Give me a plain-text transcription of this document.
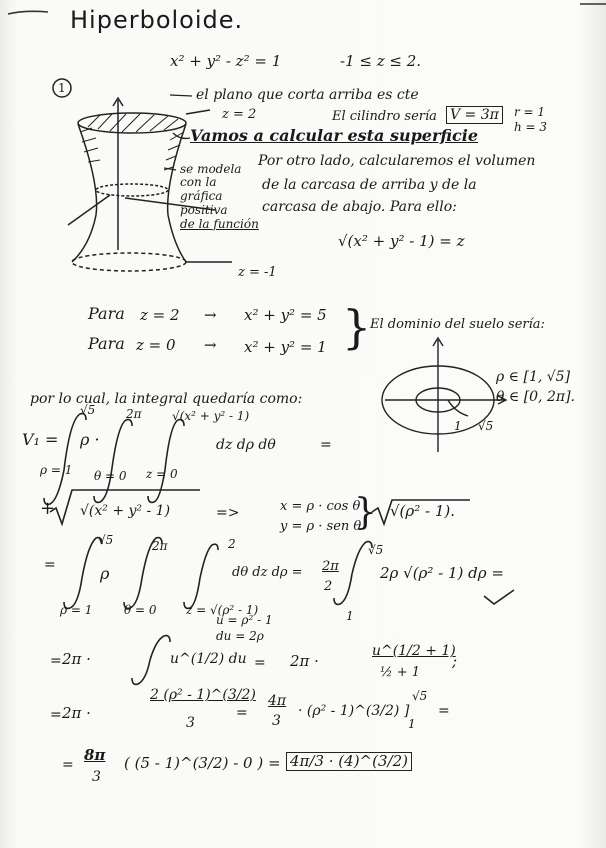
Hiperboloide.
x² + y² - z² = 1	-1 ≤ z ≤ 2.
1	el plano que corta arriba es cte
z = 2
Vamos a calcular esta superficie
se modela
con la
gráfica
positiva
de la función
z = -1
El cilindro sería V = 3π	r = 1
h = 3
Por otro lado, calcularemos el volumen
de la carcasa de arriba y de la
carcasa de abajo. Para ello:
√(x² + y² - 1) = z
Para z = 2 → x² + y² = 5
Para z = 0 → x² + y² = 1 }
El dominio del suelo sería:
ρ ∈ [1, √5]
θ ∈ [0, 2π].
1 √5
por lo cual, la integral quedaría como:
V₁ =
√5
ρ = 1
ρ ·
2π
θ = 0
√(x² + y² - 1)
z = 0
dz dρ dθ	=
+ √(x² + y² - 1)	=>	x = ρ · cos θ
y = ρ · sen θ
} √(ρ² - 1).
=
√5
ρ = 1
ρ
2π
θ = 0
2
z = √(ρ² - 1)
dθ dz dρ = 2π
2
√5
1
2ρ √(ρ² - 1) dρ =
u = ρ² - 1
du = 2ρ
= 2π ·	u^(1/2) du = 2π ·
u^(1/2 + 1)
½ + 1
;
= 2π ·
2 (ρ² - 1)^(3/2)
3
=
4π
3
· (ρ² - 1)^(3/2) ]
√5
1
=
=
8π
3
( (5 - 1)^(3/2) - 0 ) = 4π/3 · (4)^(3/2)
